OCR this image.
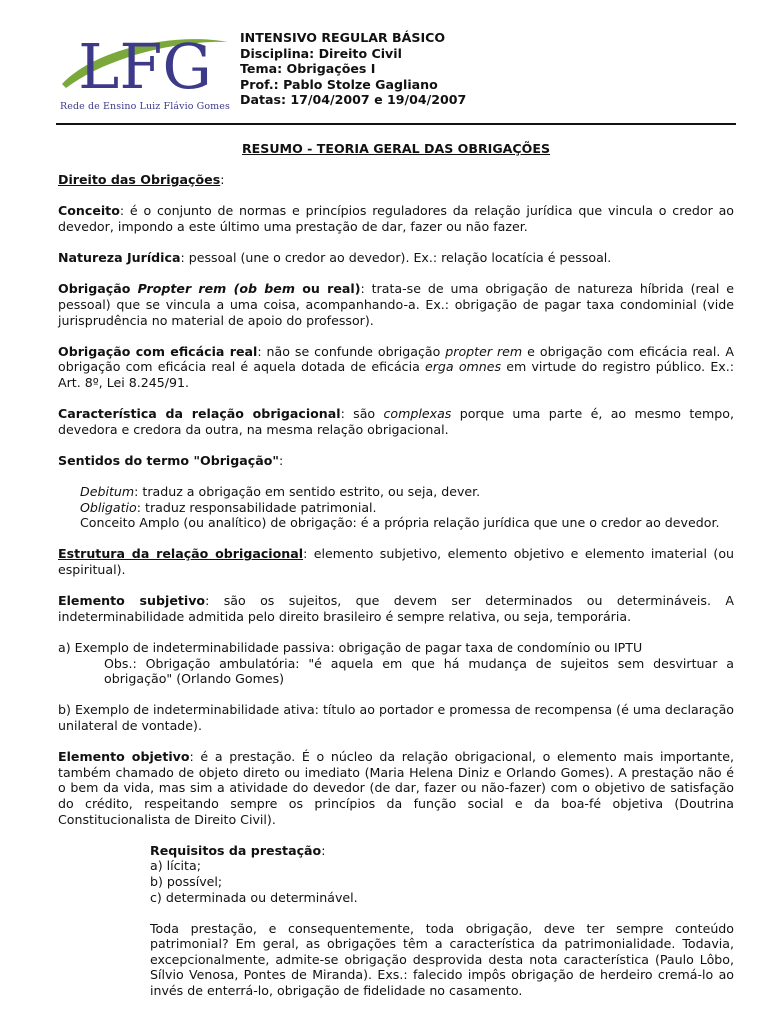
LFG
Rede de Ensino Luiz Flávio Gomes
INTENSIVO REGULAR BÁSICO
Disciplina: Direito Civil
Tema: Obrigações I
Prof.: Pablo Stolze Gagliano
Datas: 17/04/2007 e 19/04/2007

RESUMO - TEORIA GERAL DAS OBRIGAÇÕES

Direito das Obrigações:

Conceito: é o conjunto de normas e princípios reguladores da relação jurídica que vincula o credor ao devedor, impondo a este último uma prestação de dar, fazer ou não fazer.

Natureza Jurídica: pessoal (une o credor ao devedor). Ex.: relação locatícia é pessoal.

Obrigação Propter rem (ob bem ou real): trata-se de uma obrigação de natureza híbrida (real e pessoal) que se vincula a uma coisa, acompanhando-a. Ex.: obrigação de pagar taxa condominial (vide jurisprudência no material de apoio do professor).

Obrigação com eficácia real: não se confunde obrigação propter rem e obrigação com eficácia real. A obrigação com eficácia real é aquela dotada de eficácia erga omnes em virtude do registro público. Ex.: Art. 8º, Lei 8.245/91.

Característica da relação obrigacional: são complexas porque uma parte é, ao mesmo tempo, devedora e credora da outra, na mesma relação obrigacional.

Sentidos do termo "Obrigação":

Debitum: traduz a obrigação em sentido estrito, ou seja, dever.
Obligatio: traduz responsabilidade patrimonial.
Conceito Amplo (ou analítico) de obrigação: é a própria relação jurídica que une o credor ao devedor.

Estrutura da relação obrigacional: elemento subjetivo, elemento objetivo e elemento imaterial (ou espiritual).

Elemento subjetivo: são os sujeitos, que devem ser determinados ou determináveis. A indeterminabilidade admitida pelo direito brasileiro é sempre relativa, ou seja, temporária.

a) Exemplo de indeterminabilidade passiva: obrigação de pagar taxa de condomínio ou IPTU
Obs.: Obrigação ambulatória: "é aquela em que há mudança de sujeitos sem desvirtuar a obrigação" (Orlando Gomes)

b) Exemplo de indeterminabilidade ativa: título ao portador e promessa de recompensa (é uma declaração unilateral de vontade).

Elemento objetivo: é a prestação. É o núcleo da relação obrigacional, o elemento mais importante, também chamado de objeto direto ou imediato (Maria Helena Diniz e Orlando Gomes). A prestação não é o bem da vida, mas sim a atividade do devedor (de dar, fazer ou não-fazer) com o objetivo de satisfação do crédito, respeitando sempre os princípios da função social e da boa-fé objetiva (Doutrina Constitucionalista de Direito Civil).

Requisitos da prestação:
a) lícita;
b) possível;
c) determinada ou determinável.

Toda prestação, e consequentemente, toda obrigação, deve ter sempre conteúdo patrimonial? Em geral, as obrigações têm a característica da patrimonialidade. Todavia, excepcionalmente, admite-se obrigação desprovida desta nota característica (Paulo Lôbo, Sílvio Venosa, Pontes de Miranda). Exs.: falecido impôs obrigação de herdeiro cremá-lo ao invés de enterrá-lo, obrigação de fidelidade no casamento.
